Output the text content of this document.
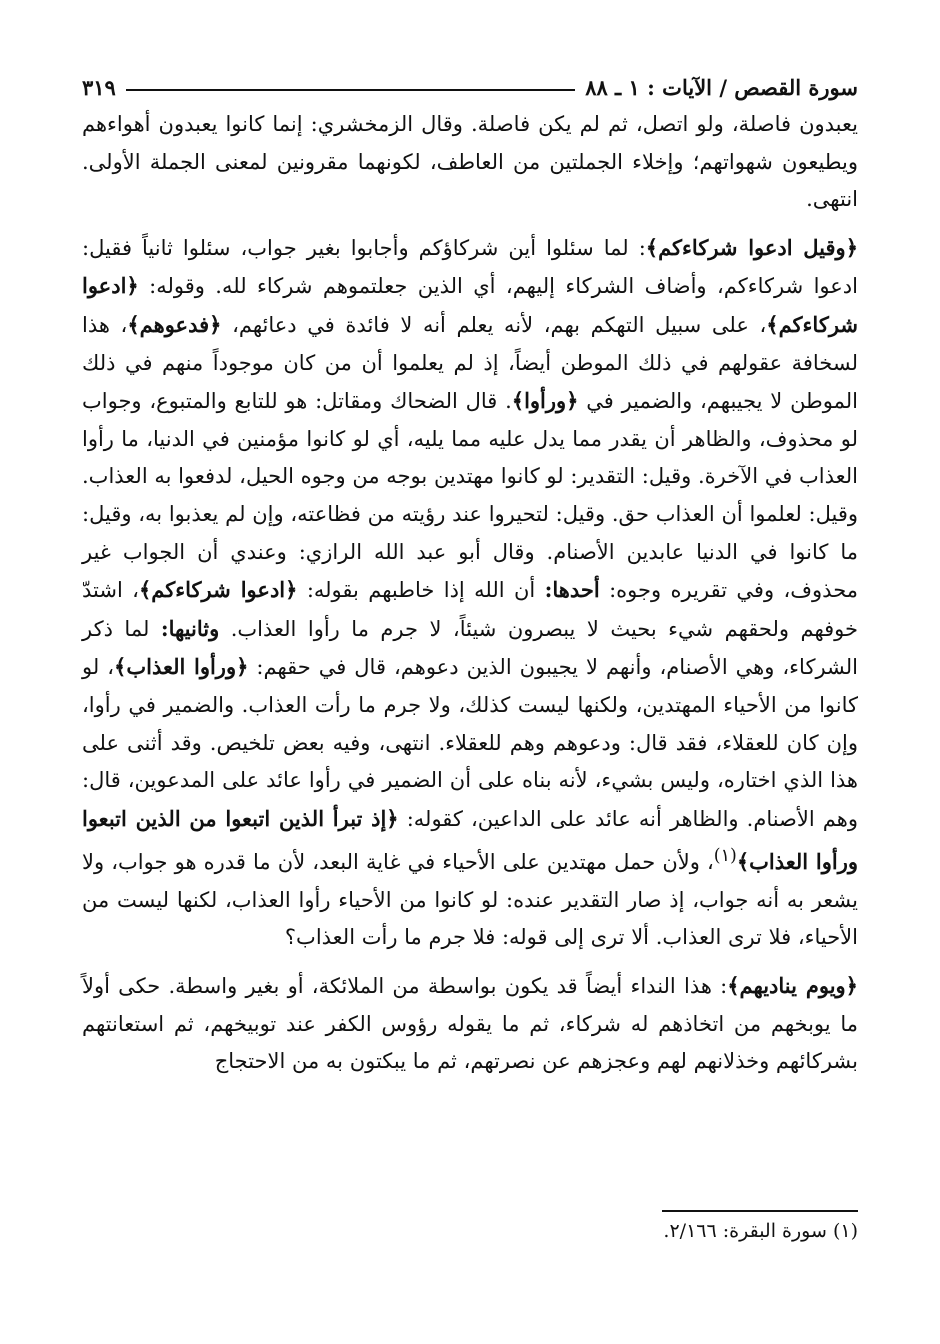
سورة القصص / الآيات : ١ ـ ٨٨
٣١٩

يعبدون فاصلة، ولو اتصل، ثم لم يكن فاصلة. وقال الزمخشري: إنما كانوا يعبدون أهواءهم ويطيعون شهواتهم؛ وإخلاء الجملتين من العاطف، لكونهما مقرونين لمعنى الجملة الأولى. انتهى.

﴿وقيل ادعوا شركاءكم﴾: لما سئلوا أين شركاؤكم وأجابوا بغير جواب، سئلوا ثانياً فقيل: ادعوا شركاءكم، وأضاف الشركاء إليهم، أي الذين جعلتموهم شركاء لله. وقوله: ﴿ادعوا شركاءكم﴾، على سبيل التهكم بهم، لأنه يعلم أنه لا فائدة في دعائهم، ﴿فدعوهم﴾، هذا لسخافة عقولهم في ذلك الموطن أيضاً، إذ لم يعلموا أن من كان موجوداً منهم في ذلك الموطن لا يجيبهم، والضمير في ﴿ورأوا﴾. قال الضحاك ومقاتل: هو للتابع والمتبوع، وجواب لو محذوف، والظاهر أن يقدر مما يدل عليه مما يليه، أي لو كانوا مؤمنين في الدنيا، ما رأوا العذاب في الآخرة. وقيل: التقدير: لو كانوا مهتدين بوجه من وجوه الحيل، لدفعوا به العذاب. وقيل: لعلموا أن العذاب حق. وقيل: لتحيروا عند رؤيته من فظاعته، وإن لم يعذبوا به، وقيل: ما كانوا في الدنيا عابدين الأصنام. وقال أبو عبد الله الرازي: وعندي أن الجواب غير محذوف، وفي تقريره وجوه: أحدها: أن الله إذا خاطبهم بقوله: ﴿ادعوا شركاءكم﴾، اشتدّ خوفهم ولحقهم شيء بحيث لا يبصرون شيئاً، لا جرم ما رأوا العذاب. وثانيها: لما ذكر الشركاء، وهي الأصنام، وأنهم لا يجيبون الذين دعوهم، قال في حقهم: ﴿ورأوا العذاب﴾، لو كانوا من الأحياء المهتدين، ولكنها ليست كذلك، ولا جرم ما رأت العذاب. والضمير في رأوا، وإن كان للعقلاء، فقد قال: ودعوهم وهم للعقلاء. انتهى، وفيه بعض تلخيص. وقد أثنى على هذا الذي اختاره، وليس بشيء، لأنه بناه على أن الضمير في رأوا عائد على المدعوين، قال: وهم الأصنام. والظاهر أنه عائد على الداعين، كقوله: ﴿إذ تبرأ الذين اتبعوا من الذين اتبعوا ورأوا العذاب﴾$^{(١)}$، ولأن حمل مهتدين على الأحياء في غاية البعد، لأن ما قدره هو جواب، ولا يشعر به أنه جواب، إذ صار التقدير عنده: لو كانوا من الأحياء رأوا العذاب، لكنها ليست من الأحياء، فلا ترى العذاب. ألا ترى إلى قوله: فلا جرم ما رأت العذاب؟

﴿ويوم يناديهم﴾: هذا النداء أيضاً قد يكون بواسطة من الملائكة، أو بغير واسطة. حكى أولاً ما يوبخهم من اتخاذهم له شركاء، ثم ما يقوله رؤوس الكفر عند توبيخهم، ثم استعانتهم بشركائهم وخذلانهم لهم وعجزهم عن نصرتهم، ثم ما يبكتون به من الاحتجاج

(١) سورة البقرة: ٢/١٦٦.
